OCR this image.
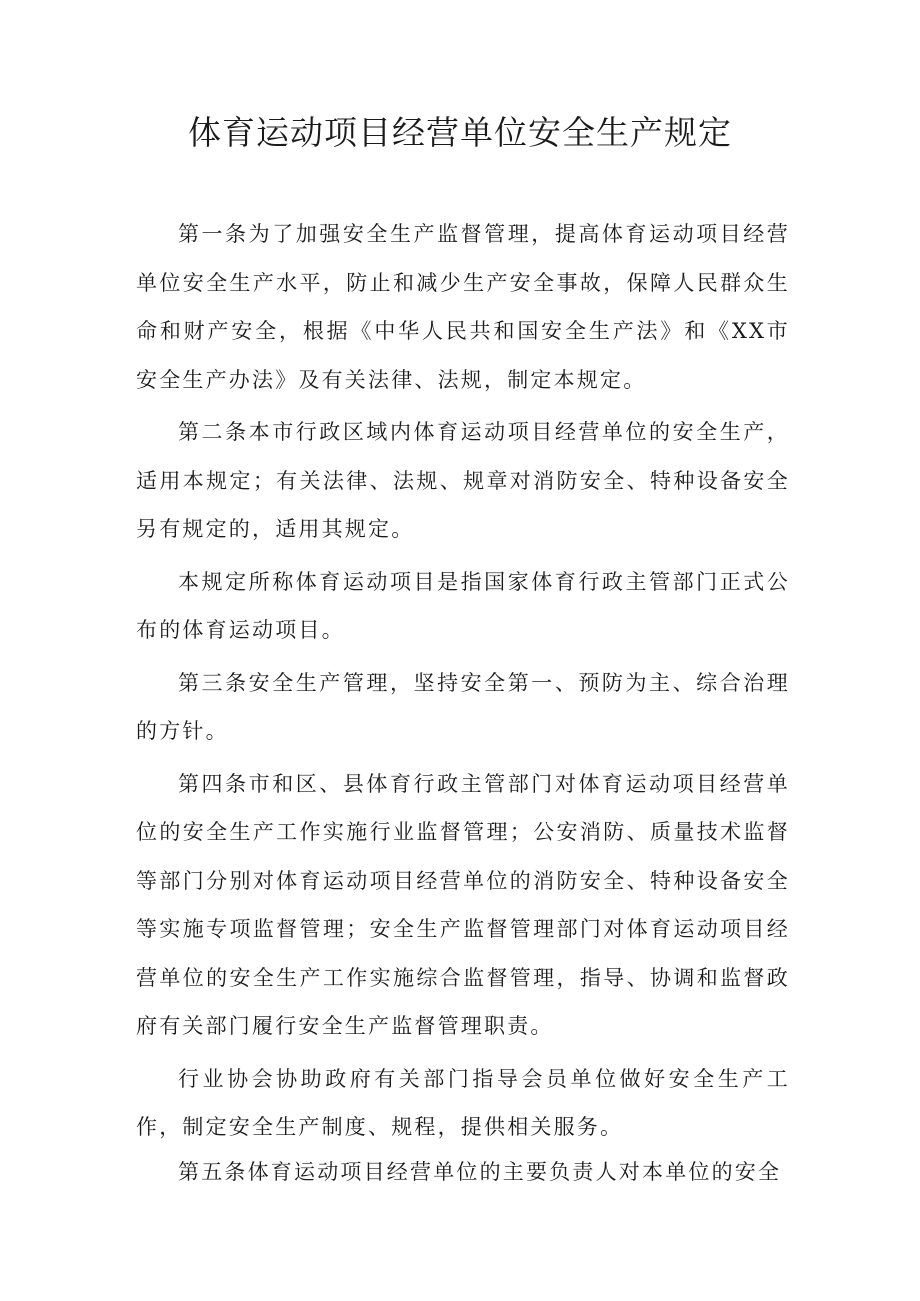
体育运动项目经营单位安全生产规定

第一条为了加强安全生产监督管理，提高体育运动项目经营单位安全生产水平，防止和减少生产安全事故，保障人民群众生命和财产安全，根据《中华人民共和国安全生产法》和《XX市安全生产办法》及有关法律、法规，制定本规定。

第二条本市行政区域内体育运动项目经营单位的安全生产，适用本规定；有关法律、法规、规章对消防安全、特种设备安全另有规定的，适用其规定。

本规定所称体育运动项目是指国家体育行政主管部门正式公布的体育运动项目。

第三条安全生产管理，坚持安全第一、预防为主、综合治理的方针。

第四条市和区、县体育行政主管部门对体育运动项目经营单位的安全生产工作实施行业监督管理；公安消防、质量技术监督等部门分别对体育运动项目经营单位的消防安全、特种设备安全等实施专项监督管理；安全生产监督管理部门对体育运动项目经营单位的安全生产工作实施综合监督管理，指导、协调和监督政府有关部门履行安全生产监督管理职责。

行业协会协助政府有关部门指导会员单位做好安全生产工作，制定安全生产制度、规程，提供相关服务。

第五条体育运动项目经营单位的主要负责人对本单位的安全
